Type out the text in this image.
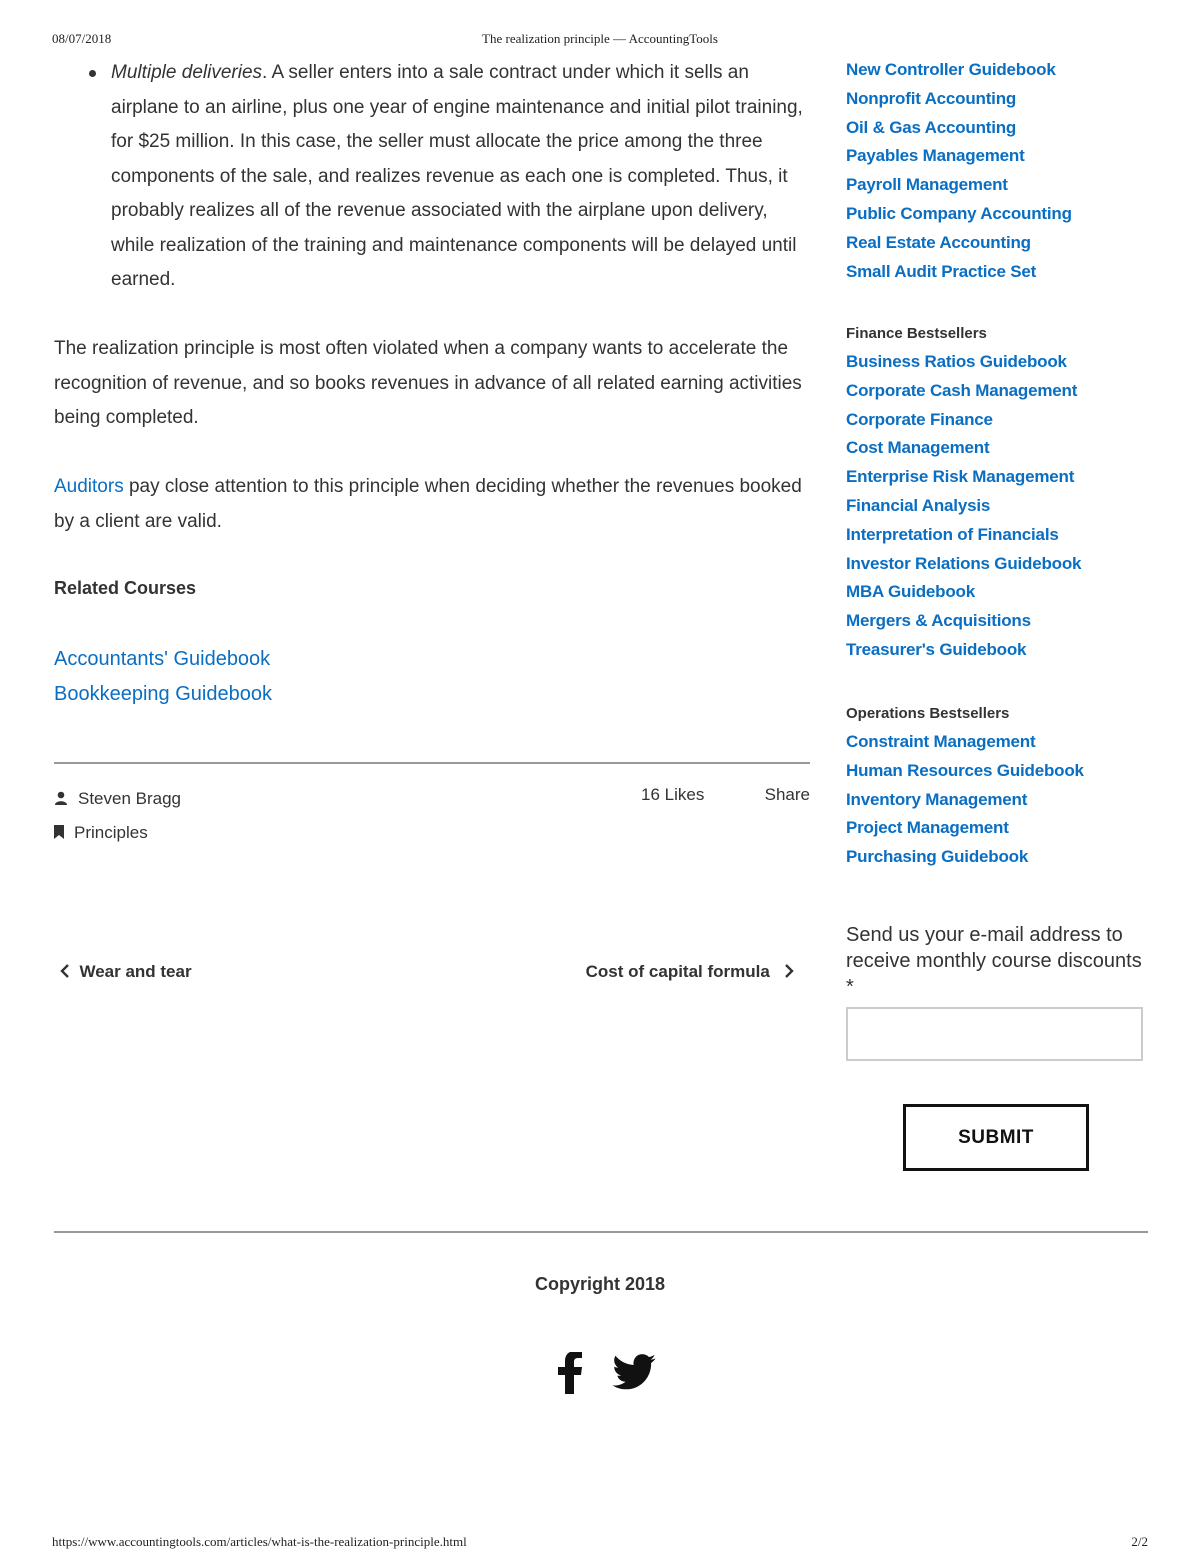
08/07/2018	The realization principle — AccountingTools
Multiple deliveries. A seller enters into a sale contract under which it sells an airplane to an airline, plus one year of engine maintenance and initial pilot training, for $25 million. In this case, the seller must allocate the price among the three components of the sale, and realizes revenue as each one is completed. Thus, it probably realizes all of the revenue associated with the airplane upon delivery, while realization of the training and maintenance components will be delayed until earned.

The realization principle is most often violated when a company wants to accelerate the recognition of revenue, and so books revenues in advance of all related earning activities being completed.

Auditors pay close attention to this principle when deciding whether the revenues booked by a client are valid.

Related Courses
Accountants' Guidebook
Bookkeeping Guidebook
Steven Bragg
Principles
16 Likes	Share
Wear and tear	Cost of capital formula
New Controller Guidebook
Nonprofit Accounting
Oil & Gas Accounting
Payables Management
Payroll Management
Public Company Accounting
Real Estate Accounting
Small Audit Practice Set
Finance Bestsellers
Business Ratios Guidebook
Corporate Cash Management
Corporate Finance
Cost Management
Enterprise Risk Management
Financial Analysis
Interpretation of Financials
Investor Relations Guidebook
MBA Guidebook
Mergers & Acquisitions
Treasurer's Guidebook
Operations Bestsellers
Constraint Management
Human Resources Guidebook
Inventory Management
Project Management
Purchasing Guidebook
Send us your e-mail address to receive monthly course discounts *
SUBMIT
Copyright 2018
https://www.accountingtools.com/articles/what-is-the-realization-principle.html	2/2
